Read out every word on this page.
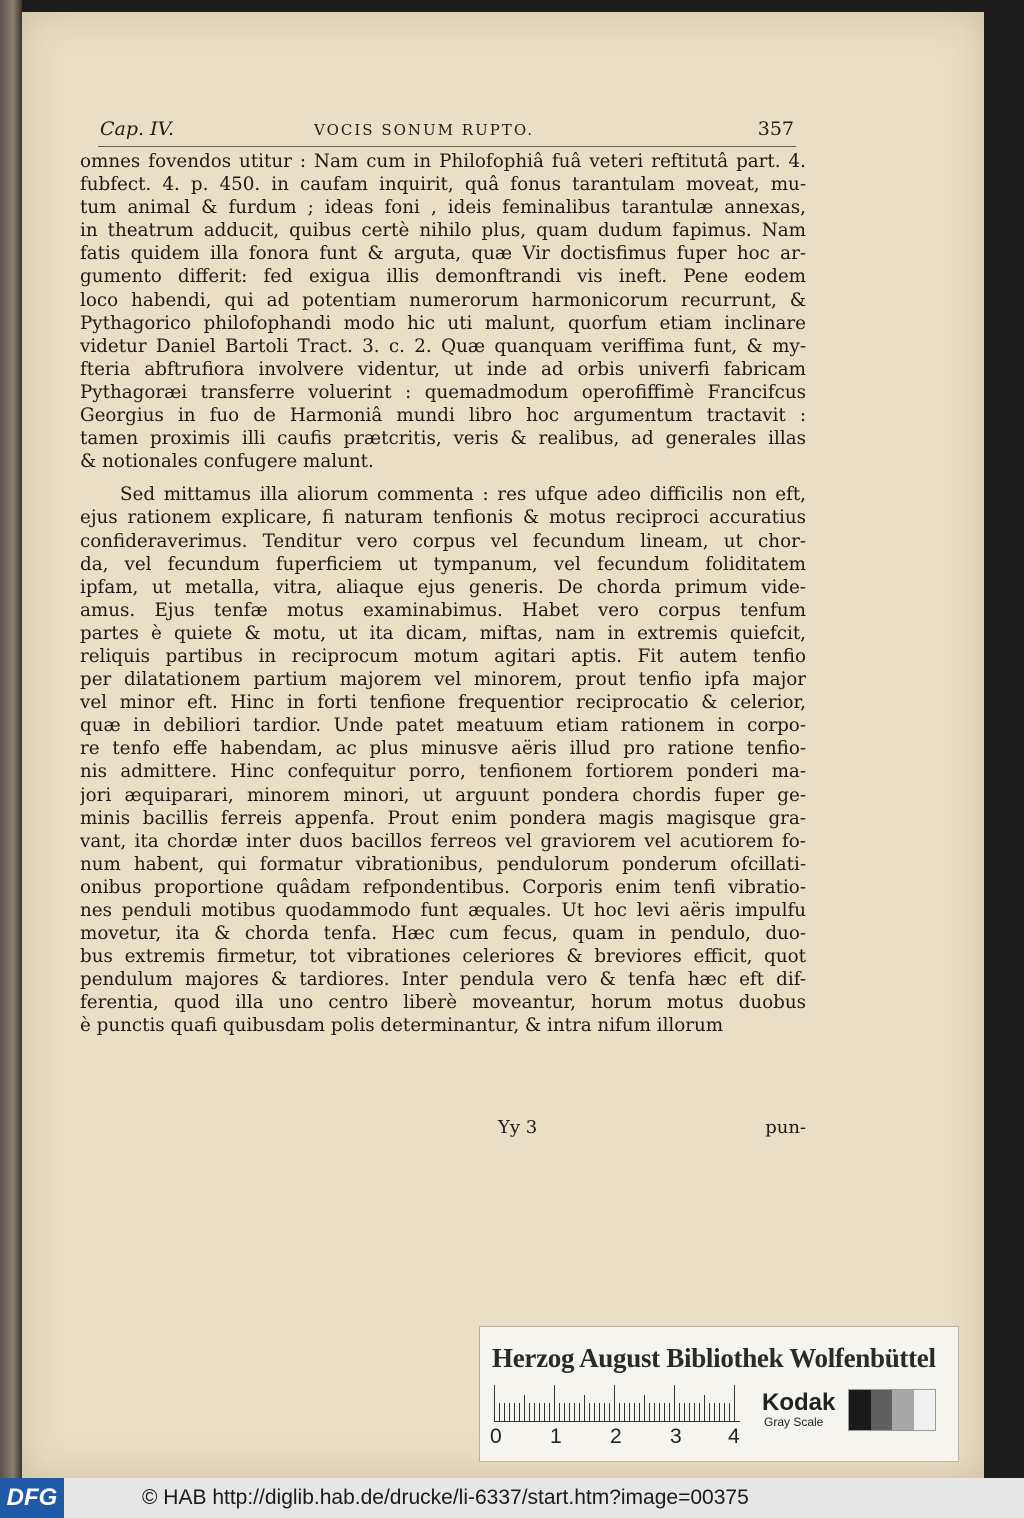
Cap. IV.	VOCIS SONUM RUPTO.	357
omnes fovendos utitur : Nam cum in Philofophiâ fuâ veteri reftitutâ part. 4.
fubfect. 4. p. 450. in caufam inquirit, quâ fonus tarantulam moveat, mu-
tum animal & furdum ; ideas foni , ideis feminalibus tarantulæ annexas,
in theatrum adducit, quibus certè nihilo plus, quam dudum fapimus. Nam
fatis quidem illa fonora funt & arguta, quæ Vir doctisfimus fuper hoc ar-
gumento differit: fed exigua illis demonftrandi vis ineft. Pene eodem
loco habendi, qui ad potentiam numerorum harmonicorum recurrunt, &
Pythagorico philofophandi modo hic uti malunt, quorfum etiam inclinare
videtur Daniel Bartoli Tract. 3. c. 2. Quæ quanquam veriffima funt, & my-
fteria abftrufiora involvere videntur, ut inde ad orbis univerfi fabricam
Pythagoræi transferre voluerint : quemadmodum operofiffimè Francifcus
Georgius in fuo de Harmoniâ mundi libro hoc argumentum tractavit :
tamen proximis illi caufis prætcritis, veris & realibus, ad generales illas
& notionales confugere malunt.
Sed mittamus illa aliorum commenta : res ufque adeo difficilis non eft,
ejus rationem explicare, fi naturam tenfionis & motus reciproci accuratius
confideraverimus. Tenditur vero corpus vel fecundum lineam, ut chor-
da, vel fecundum fuperficiem ut tympanum, vel fecundum foliditatem
ipfam, ut metalla, vitra, aliaque ejus generis. De chorda primum vide-
amus. Ejus tenfæ motus examinabimus. Habet vero corpus tenfum
partes è quiete & motu, ut ita dicam, miftas, nam in extremis quiefcit,
reliquis partibus in reciprocum motum agitari aptis. Fit autem tenfio
per dilatationem partium majorem vel minorem, prout tenfio ipfa major
vel minor eft. Hinc in forti tenfione frequentior reciprocatio & celerior,
quæ in debiliori tardior. Unde patet meatuum etiam rationem in corpo-
re tenfo effe habendam, ac plus minusve aëris illud pro ratione tenfio-
nis admittere. Hinc confequitur porro, tenfionem fortiorem ponderi ma-
jori æquiparari, minorem minori, ut arguunt pondera chordis fuper ge-
minis bacillis ferreis appenfa. Prout enim pondera magis magisque gra-
vant, ita chordæ inter duos bacillos ferreos vel graviorem vel acutiorem fo-
num habent, qui formatur vibrationibus, pendulorum ponderum ofcillati-
onibus proportione quâdam refpondentibus. Corporis enim tenfi vibratio-
nes penduli motibus quodammodo funt æquales. Ut hoc levi aëris impulfu
movetur, ita & chorda tenfa. Hæc cum fecus, quam in pendulo, duo-
bus extremis firmetur, tot vibrationes celeriores & breviores efficit, quot
pendulum majores & tardiores. Inter pendula vero & tenfa hæc eft dif-
ferentia, quod illa uno centro liberè moveantur, horum motus duobus
è punctis quafi quibusdam polis determinantur, & intra nifum illorum
Yy 3	pun-
Herzog August Bibliothek Wolfenbüttel
0 1 2 3 4
Kodak
Gray Scale
DFG	© HAB http://diglib.hab.de/drucke/li-6337/start.htm?image=00375
